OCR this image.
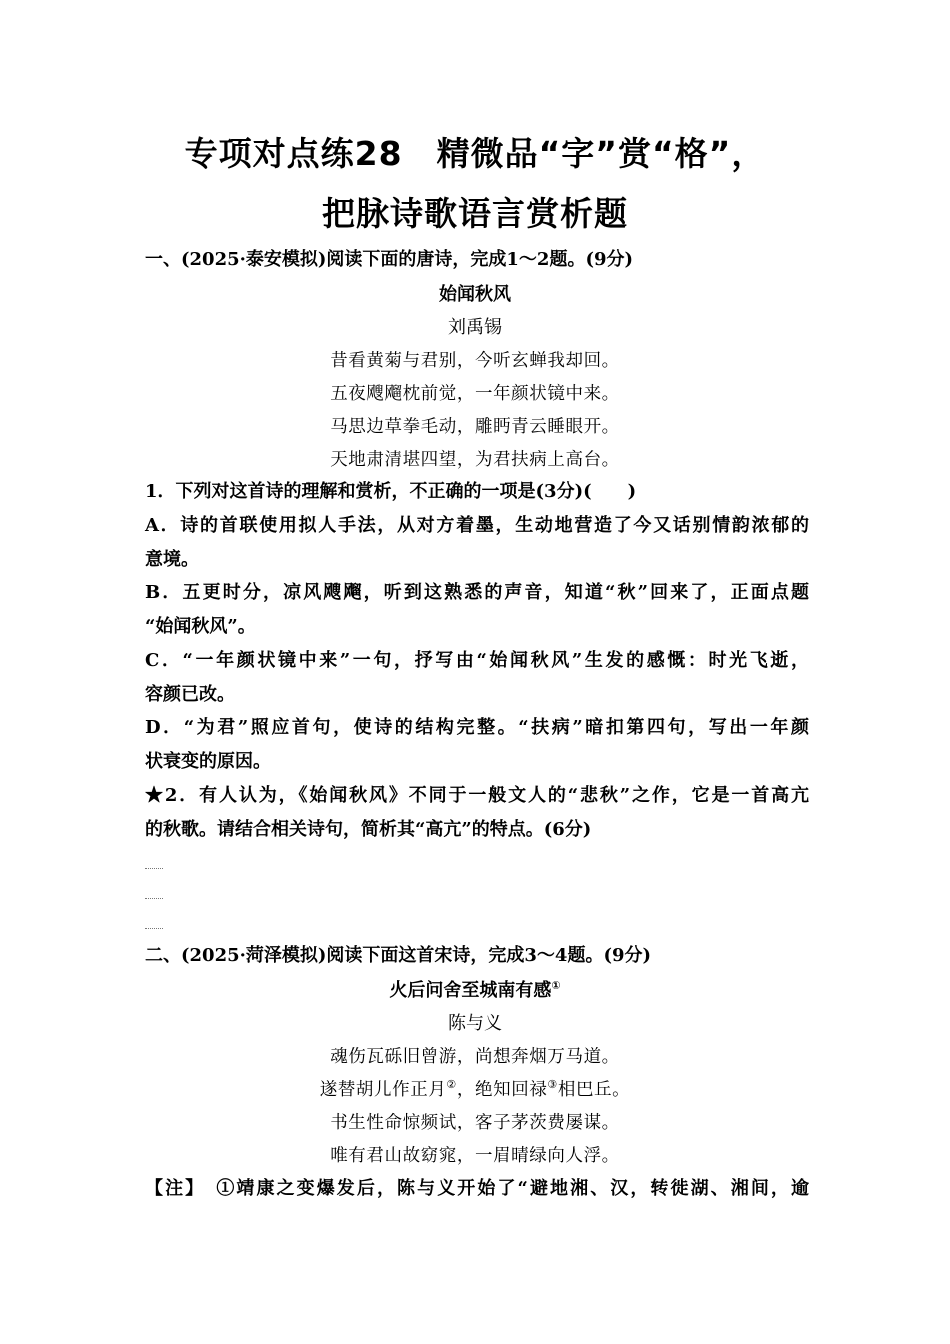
专项对点练28　精微品“字”赏“格”，
把脉诗歌语言赏析题
一、(2025·泰安模拟)阅读下面的唐诗，完成1～2题。(9分)
始闻秋风
刘禹锡
昔看黄菊与君别，今听玄蝉我却回。
五夜飕飗枕前觉，一年颜状镜中来。
马思边草拳毛动，雕眄青云睡眼开。
天地肃清堪四望，为君扶病上高台。
1．下列对这首诗的理解和赏析，不正确的一项是(3分)(　　)
A．诗的首联使用拟人手法，从对方着墨，生动地营造了今又话别情韵浓郁的
意境。
B．五更时分，凉风飕飗，听到这熟悉的声音，知道“秋”回来了，正面点题
“始闻秋风”。
C．“一年颜状镜中来”一句，抒写由“始闻秋风”生发的感慨：时光飞逝，
容颜已改。
D．“为君”照应首句，使诗的结构完整。“扶病”暗扣第四句，写出一年颜
状衰变的原因。
★2．有人认为，《始闻秋风》不同于一般文人的“悲秋”之作，它是一首高亢
的秋歌。请结合相关诗句，简析其“高亢”的特点。(6分)
二、(2025·菏泽模拟)阅读下面这首宋诗，完成3～4题。(9分)
火后问舍至城南有感①
陈与义
魂伤瓦砾旧曾游，尚想奔烟万马道。
遂替胡儿作正月②，绝知回禄③相巴丘。
书生性命惊频试，客子茅茨费屡谋。
唯有君山故窈窕，一眉晴绿向人浮。
【注】　①靖康之变爆发后，陈与义开始了“避地湘、汉，转徙湖、湘间，逾
